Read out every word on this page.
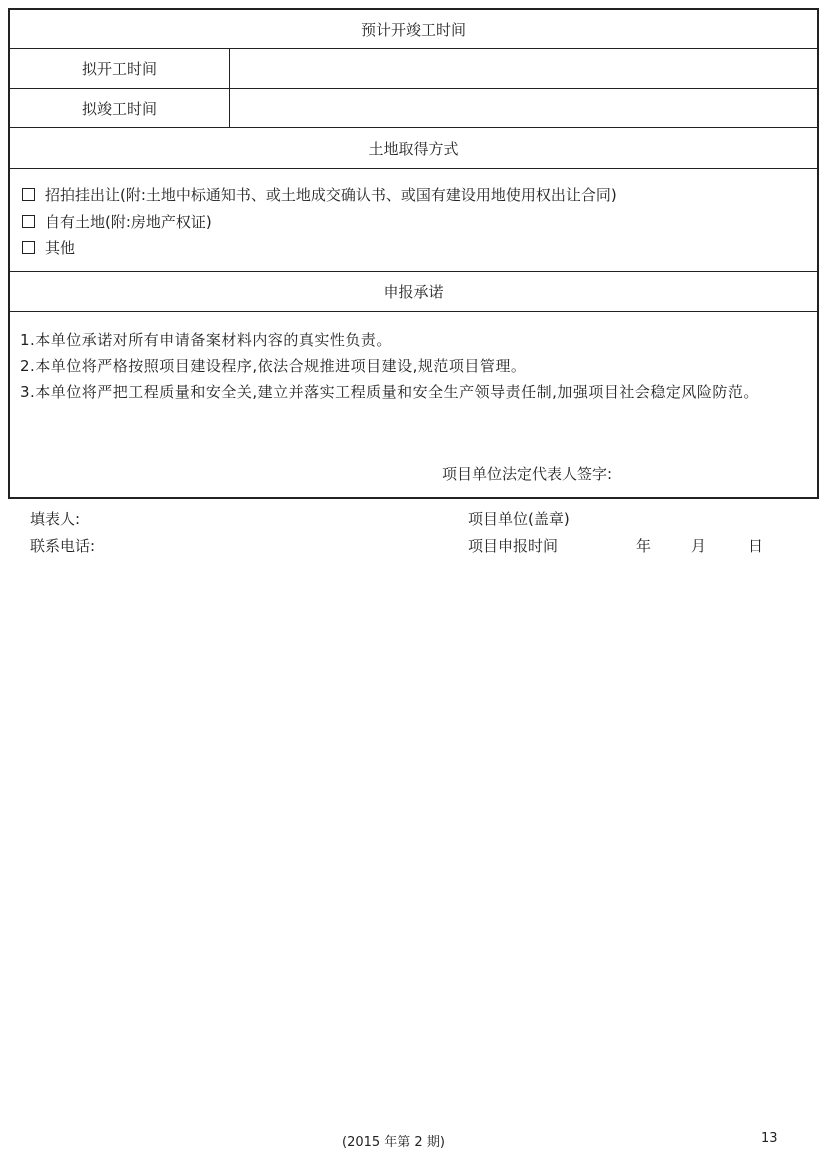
预计开竣工时间
拟开工时间
拟竣工时间
土地取得方式
招拍挂出让(附:土地中标通知书、或土地成交确认书、或国有建设用地使用权出让合同)
自有土地(附:房地产权证)
其他
申报承诺
1.本单位承诺对所有申请备案材料内容的真实性负责。
2.本单位将严格按照项目建设程序,依法合规推进项目建设,规范项目管理。
3.本单位将严把工程质量和安全关,建立并落实工程质量和安全生产领导责任制,加强项目社会稳定风险防范。
项目单位法定代表人签字:
填表人:
联系电话:
项目单位(盖章)
项目申报时间	年	月	日
(2015 年第 2 期)	13
